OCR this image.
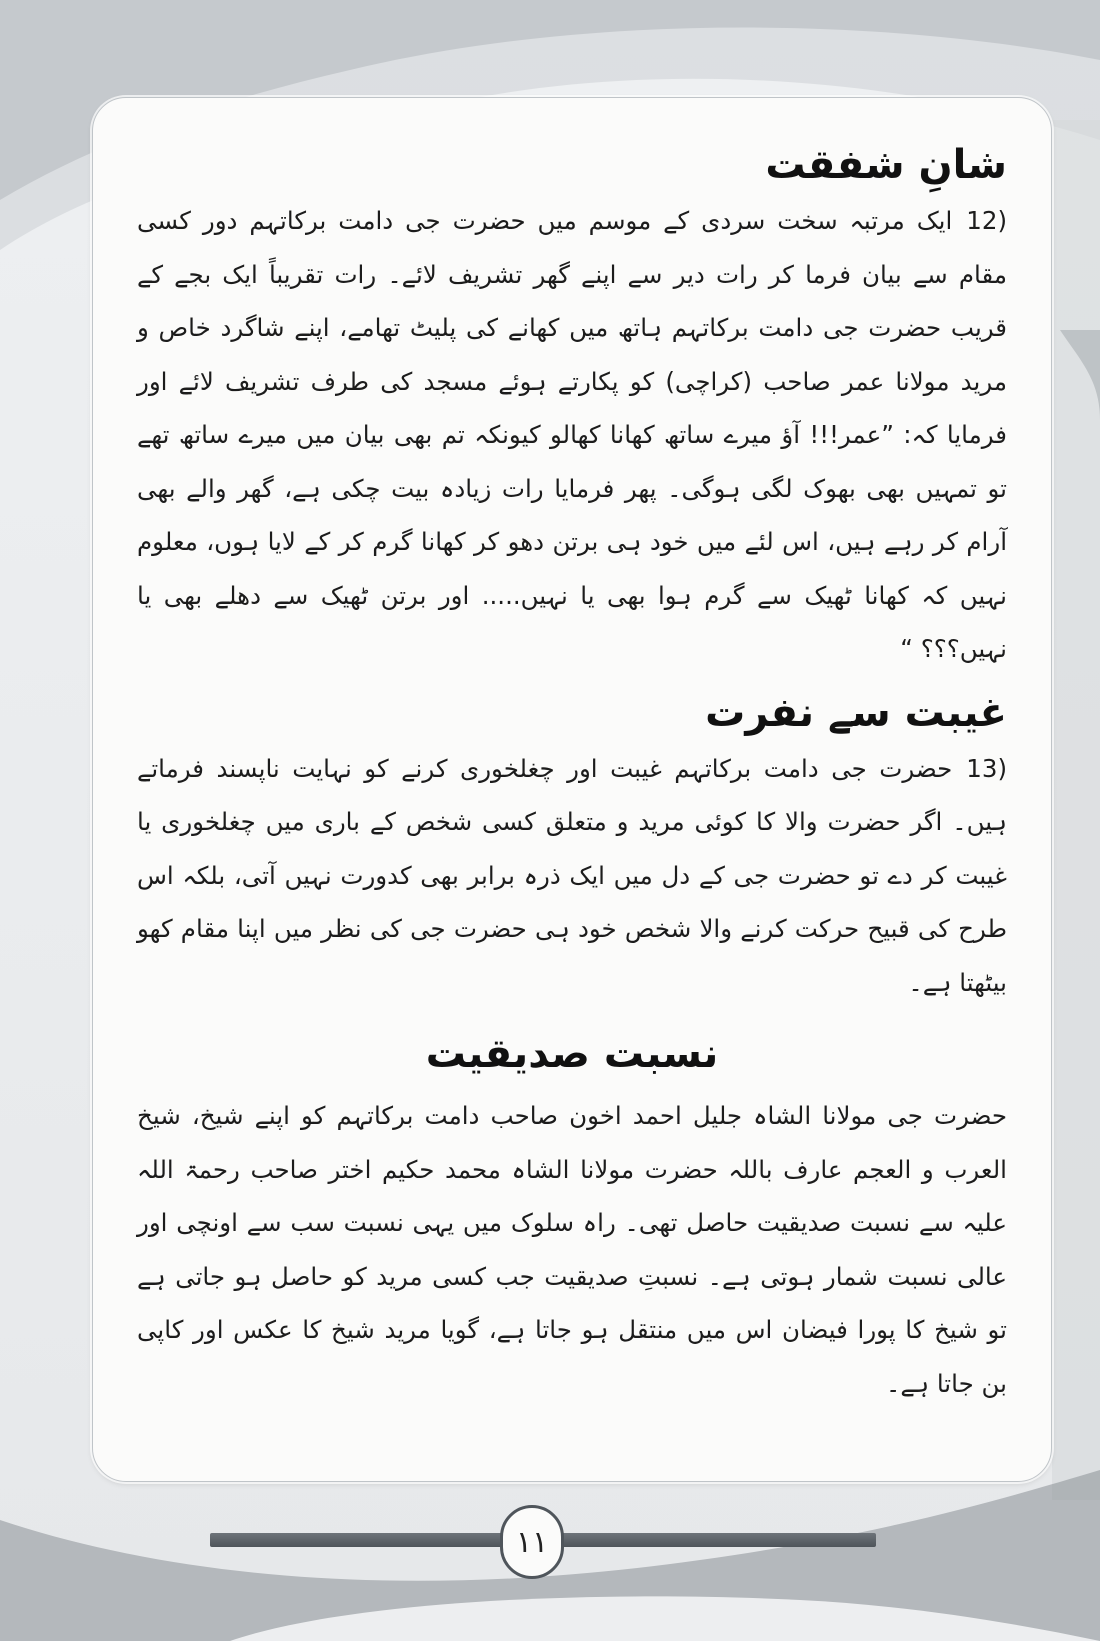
شانِ شفقت

12)ایک مرتبہ سخت سردی کے موسم میں حضرت جی دامت برکاتہم دور کسی مقام سے بیان فرما کر رات دیر سے اپنے گھر تشریف لائے۔ رات تقریباً ایک بجے کے قریب حضرت جی دامت برکاتہم ہاتھ میں کھانے کی پلیٹ تھامے، اپنے شاگرد خاص و مرید مولانا عمر صاحب (کراچی) کو پکارتے ہوئے مسجد کی طرف تشریف لائے اور فرمایا کہ: ”عمر!!! آؤ میرے ساتھ کھانا کھالو کیونکہ تم بھی بیان میں میرے ساتھ تھے تو تمہیں بھی بھوک لگی ہوگی۔ پھر فرمایا رات زیادہ بیت چکی ہے، گھر والے بھی آرام کر رہے ہیں، اس لئے میں خود ہی برتن دھو کر کھانا گرم کر کے لایا ہوں، معلوم نہیں کہ کھانا ٹھیک سے گرم ہوا بھی یا نہیں..... اور برتن ٹھیک سے دھلے بھی یا نہیں؟؟؟ “

غیبت سے نفرت

13)حضرت جی دامت برکاتہم غیبت اور چغلخوری کرنے کو نہایت ناپسند فرماتے ہیں۔ اگر حضرت والا کا کوئی مرید و متعلق کسی شخص کے باری میں چغلخوری یا غیبت کر دے تو حضرت جی کے دل میں ایک ذرہ برابر بھی کدورت نہیں آتی، بلکہ اس طرح کی قبیح حرکت کرنے والا شخص خود ہی حضرت جی کی نظر میں اپنا مقام کھو بیٹھتا ہے۔

نسبت صدیقیت

حضرت جی مولانا الشاہ جلیل احمد اخون صاحب دامت برکاتہم کو اپنے شیخ، شیخ العرب و العجم عارف باللہ حضرت مولانا الشاہ محمد حکیم اختر صاحب رحمۃ اللہ علیہ سے نسبت صدیقیت حاصل تھی۔ راہ سلوک میں یہی نسبت سب سے اونچی اور عالی نسبت شمار ہوتی ہے۔ نسبتِ صدیقیت جب کسی مرید کو حاصل ہو جاتی ہے تو شیخ کا پورا فیضان اس میں منتقل ہو جاتا ہے، گویا مرید شیخ کا عکس اور کاپی بن جاتا ہے۔

۱۱
